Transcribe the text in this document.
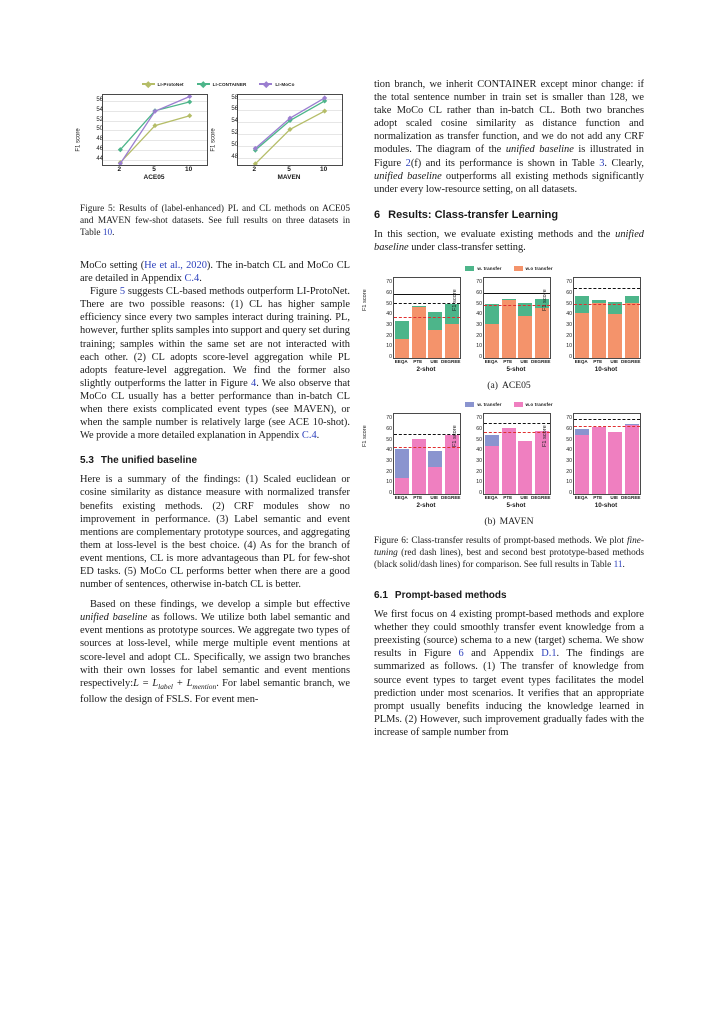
LI-ProtoNet	LI-CONTAINER	LI-MoCo
F1 score
ACE05
44
46
48
50
52
54
56
2	5	10
F1 score
MAVEN
48
50
52
54
56
58
2	5	10

Figure 5: Results of (label-enhanced) PL and CL methods on ACE05 and MAVEN few-shot datasets. See full results on three datasets in Table 10.

MoCo setting (He et al., 2020). The in-batch CL and MoCo CL are detailed in Appendix C.4.

Figure 5 suggests CL-based methods outperform LI-ProtoNet. There are two possible reasons: (1) CL has higher sample efficiency since every two samples interact during training. PL, however, further splits samples into support and query set during training; samples within the same set are not interacted with each other. (2) CL adopts score-level aggregation while PL adopts feature-level aggregation. We find the former also slightly outperforms the latter in Figure 4. We also observe that MoCo CL usually has a better performance than in-batch CL when there exists complicated event types (see MAVEN), or when the sample number is relatively large (see ACE 10-shot). We provide a more detailed explanation in Appendix C.4.

5.3 The unified baseline

Here is a summary of the findings: (1) Scaled euclidean or cosine similarity as distance measure with normalized transfer benefits existing methods. (2) CRF modules show no improvement in performance. (3) Label semantic and event mentions are complementary prototype sources, and aggregating them at loss-level is the best choice. (4) As for the branch of event mentions, CL is more advantageous than PL for few-shot ED tasks. (5) MoCo CL performs better when there are a good number of sentences, otherwise in-batch CL is better.

Based on these findings, we develop a simple but effective unified baseline as follows. We utilize both label semantic and event mentions as prototype sources. We aggregate two types of sources at loss-level, while merge multiple event mentions at score-level and adopt CL. Specifically, we assign two branches with their own losses for label semantic and event mentions respectively:L = $L_{label} + L_{mention}$. For label semantic branch, we follow the design of FSLS. For event men-

tion branch, we inherit CONTAINER except minor change: if the total sentence number in train set is smaller than 128, we take MoCo CL rather than in-batch CL. Both two branches adopt scaled cosine similarity as distance function and normalization as transfer function, and we do not add any CRF modules. The diagram of the unified baseline is illustrated in Figure 2(f) and its performance is shown in Table 3. Clearly, unified baseline outperforms all existing methods significantly under every low-resource setting, on all datasets.

6 Results: Class-transfer Learning

In this section, we evaluate existing methods and the unified baseline under class-transfer setting.

w. transfer	w.o transfer
F1 score
2-shot
0
10
20
30
40
50
60
70
EEQA PTE UIE DEGREE
F1 score
5-shot
0
10
20
30
40
50
60
70
EEQA PTE UIE DEGREE
F1 score
10-shot
0
10
20
30
40
50
60
70
EEQA PTE UIE DEGREE
(a) ACE05
w. transfer	w.o transfer
F1 score
2-shot
0
10
20
30
40
50
60
70
EEQA PTE UIE DEGREE
F1 score
5-shot
0
10
20
30
40
50
60
70
EEQA PTE UIE DEGREE
F1 score
10-shot
0
10
20
30
40
50
60
70
EEQA PTE UIE DEGREE
(b) MAVEN

Figure 6: Class-transfer results of prompt-based methods. We plot fine-tuning (red dash lines), best and second best prototype-based methods (black solid/dash lines) for comparison. See full results in Table 11.

6.1 Prompt-based methods

We first focus on 4 existing prompt-based methods and explore whether they could smoothly transfer event knowledge from a preexisting (source) schema to a new (target) schema. We show results in Figure 6 and Appendix D.1. The findings are summarized as follows. (1) The transfer of knowledge from source event types to target event types facilitates the model prediction under most scenarios. It verifies that an appropriate prompt usually benefits inducing the knowledge learned in PLMs. (2) However, such improvement gradually fades with the increase of sample number from
